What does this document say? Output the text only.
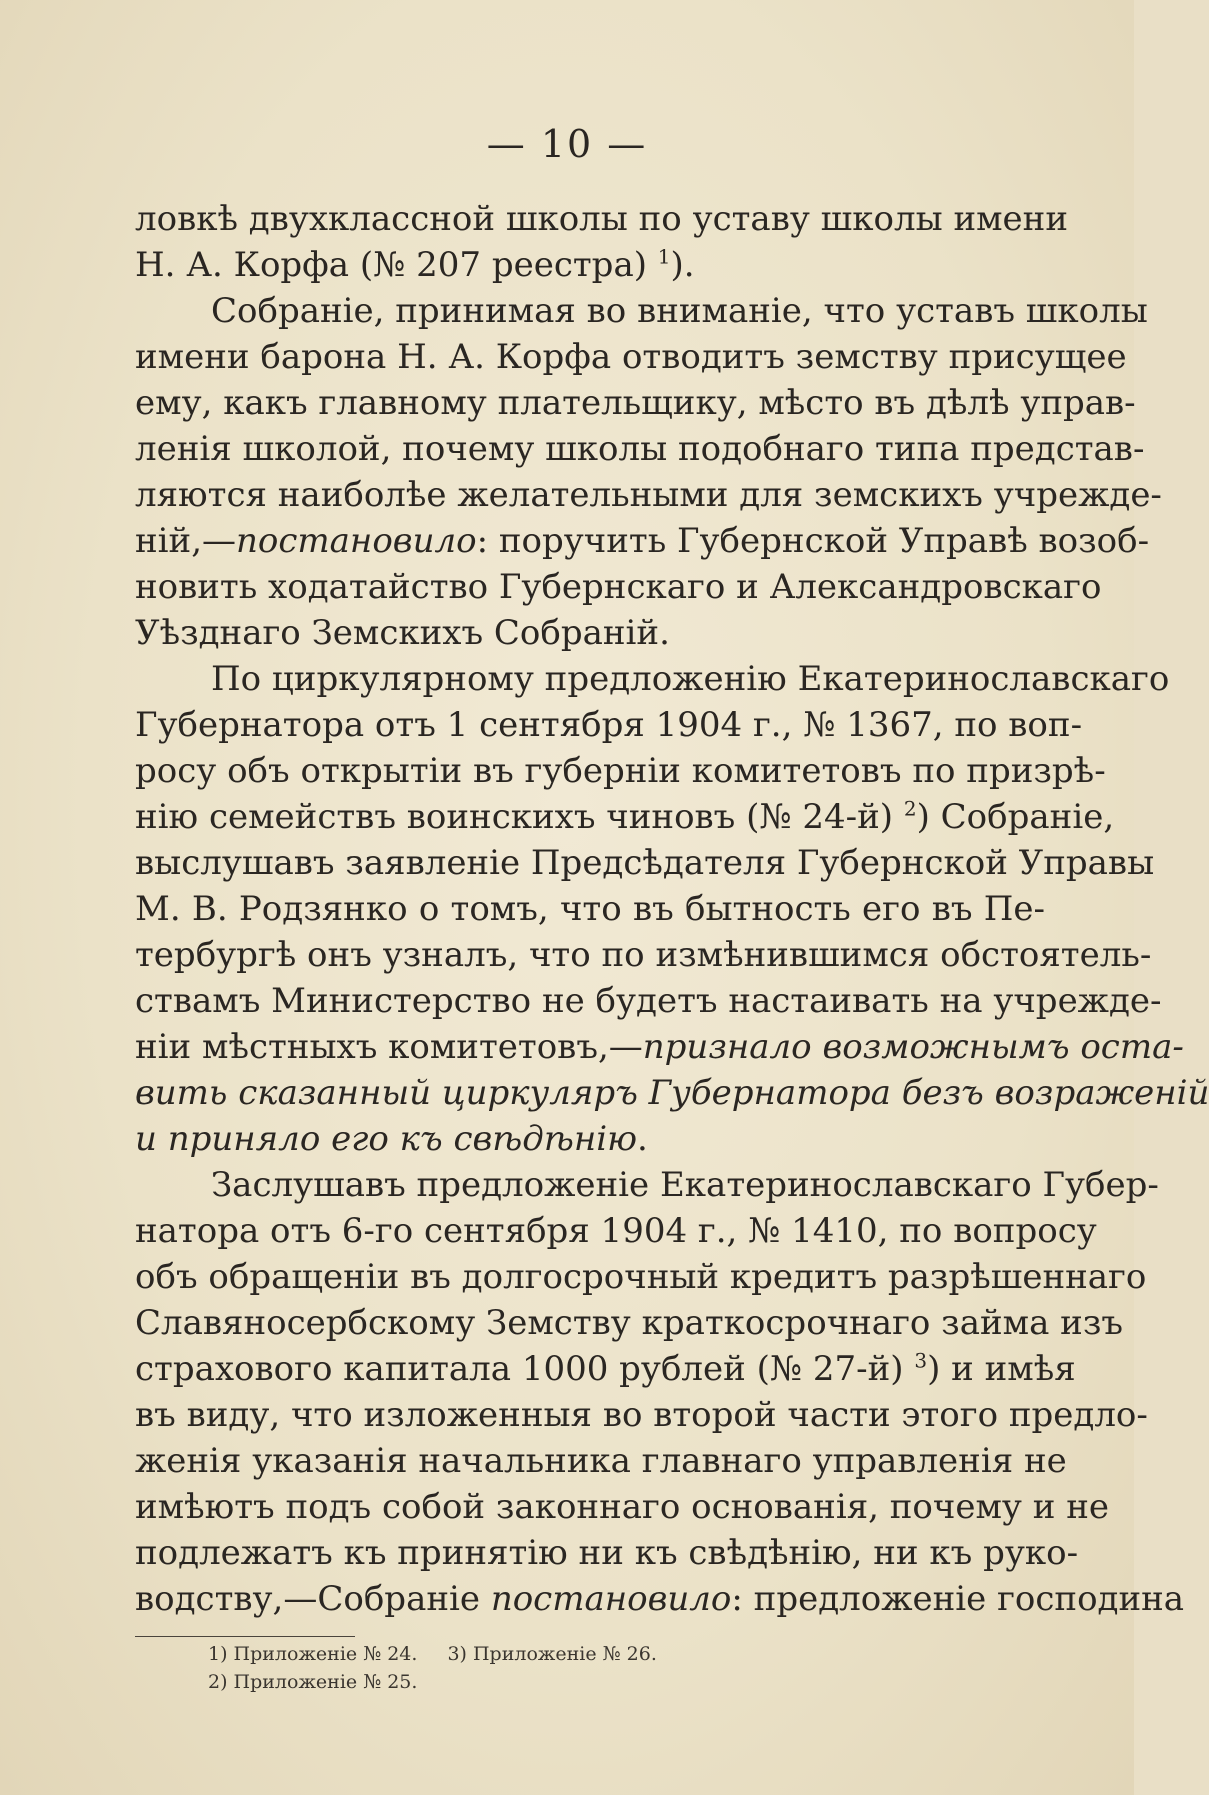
— 10 —
ловкѣ двухклассной школы по уставу школы имени
Н. А. Корфа (№ 207 реестра) $^1$).
Собраніе, принимая во вниманіе, что уставъ школы
имени барона Н. А. Корфа отводитъ земству присущее
ему, какъ главному плательщику, мѣсто въ дѣлѣ управ-
ленія школой, почему школы подобнаго типа представ-
ляются наиболѣе желательными для земскихъ учрежде-
ній,—постановило: поручить Губернской Управѣ возоб-
новить ходатайство Губернскаго и Александровскаго
Уѣзднаго Земскихъ Собраній.
По циркулярному предложенію Екатеринославскаго
Губернатора отъ 1 сентября 1904 г., № 1367, по воп-
росу объ открытіи въ губерніи комитетовъ по призрѣ-
нію семействъ воинскихъ чиновъ (№ 24-й) $^2$) Собраніе,
выслушавъ заявленіе Предсѣдателя Губернской Управы
М. В. Родзянко о томъ, что въ бытность его въ Пе-
тербургѣ онъ узналъ, что по измѣнившимся обстоятель-
ствамъ Министерство не будетъ настаивать на учрежде-
ніи мѣстныхъ комитетовъ,—признало возможнымъ оста-
вить сказанный циркуляръ Губернатора безъ возраженій
и приняло его къ свѣдѣнію.
Заслушавъ предложеніе Екатеринославскаго Губер-
натора отъ 6-го сентября 1904 г., № 1410, по вопросу
объ обращеніи въ долгосрочный кредитъ разрѣшеннаго
Славяносербскому Земству краткосрочнаго займа изъ
страхового капитала 1000 рублей (№ 27-й) $^3$) и имѣя
въ виду, что изложенныя во второй части этого предло-
женія указанія начальника главнаго управленія не
имѣютъ подъ собой законнаго основанія, почему и не
подлежатъ къ принятію ни къ свѣдѣнію, ни къ руко-
водству,—Собраніе постановило: предложеніе господина
1) Приложеніе № 24. 3) Приложеніе № 26.
2) Приложеніе № 25.
